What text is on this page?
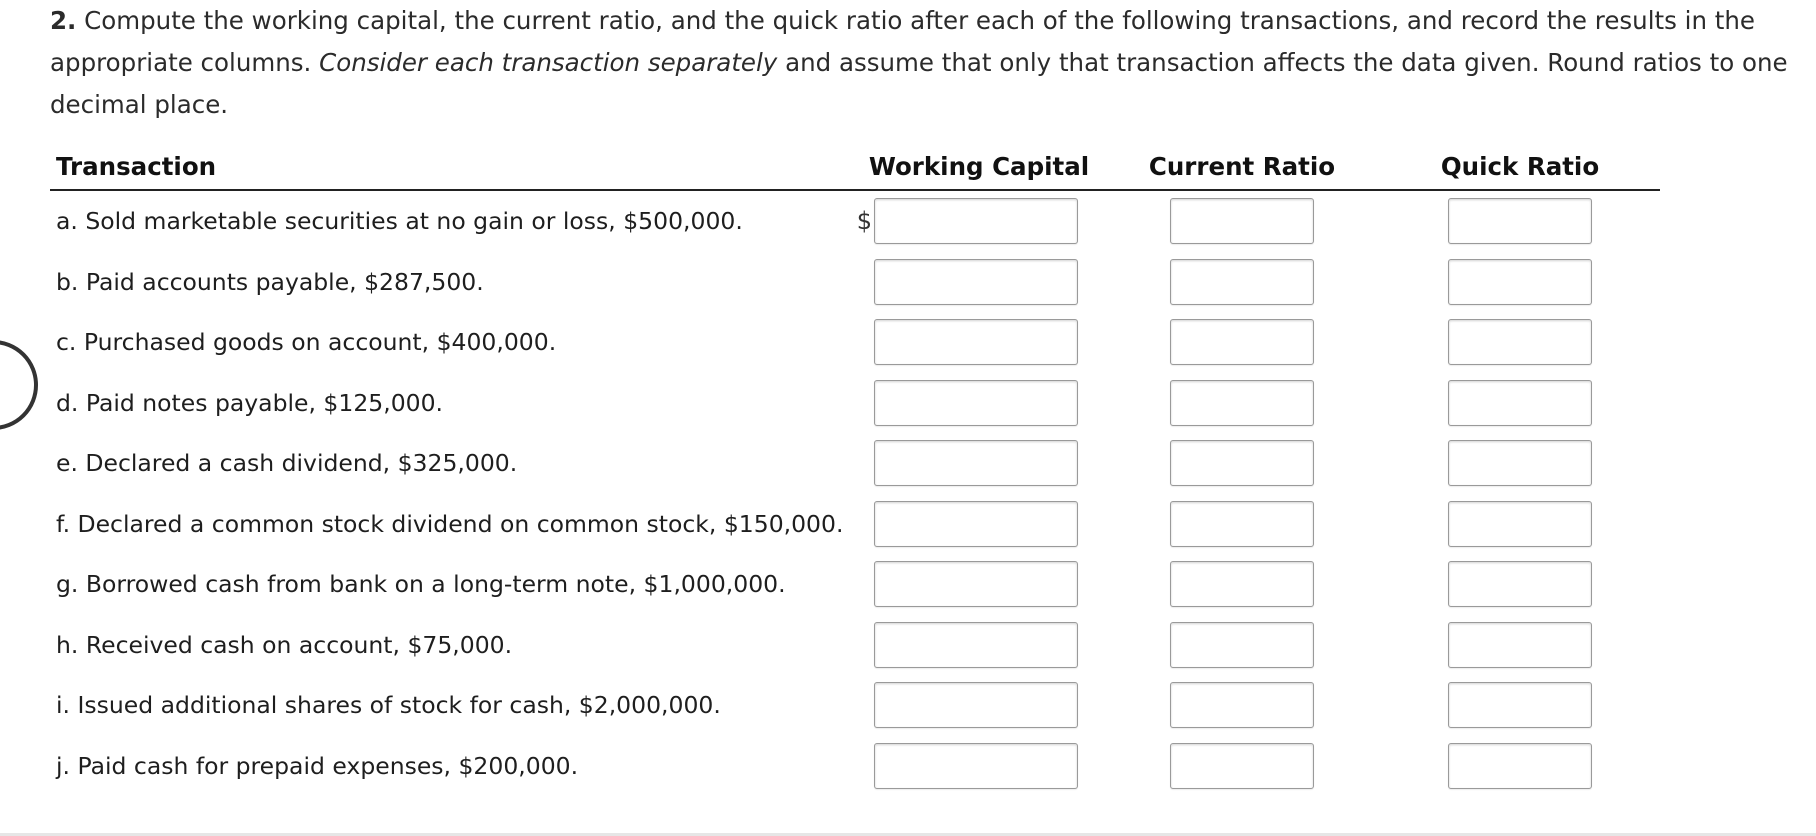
2. Compute the working capital, the current ratio, and the quick ratio after each of the following transactions, and record the results in the appropriate columns. Consider each transaction separately and assume that only that transaction affects the data given. Round ratios to one decimal place.

Transaction	Working Capital	Current Ratio	Quick Ratio
a. Sold marketable securities at no gain or loss, $500,000.	$

b. Paid accounts payable, $287,500.	

c. Purchased goods on account, $400,000.	

d. Paid notes payable, $125,000.	

e. Declared a cash dividend, $325,000.	

f. Declared a common stock dividend on common stock, $150,000.	

g. Borrowed cash from bank on a long-term note, $1,000,000.	

h. Received cash on account, $75,000.	

i. Issued additional shares of stock for cash, $2,000,000.	

j. Paid cash for prepaid expenses, $200,000.	
